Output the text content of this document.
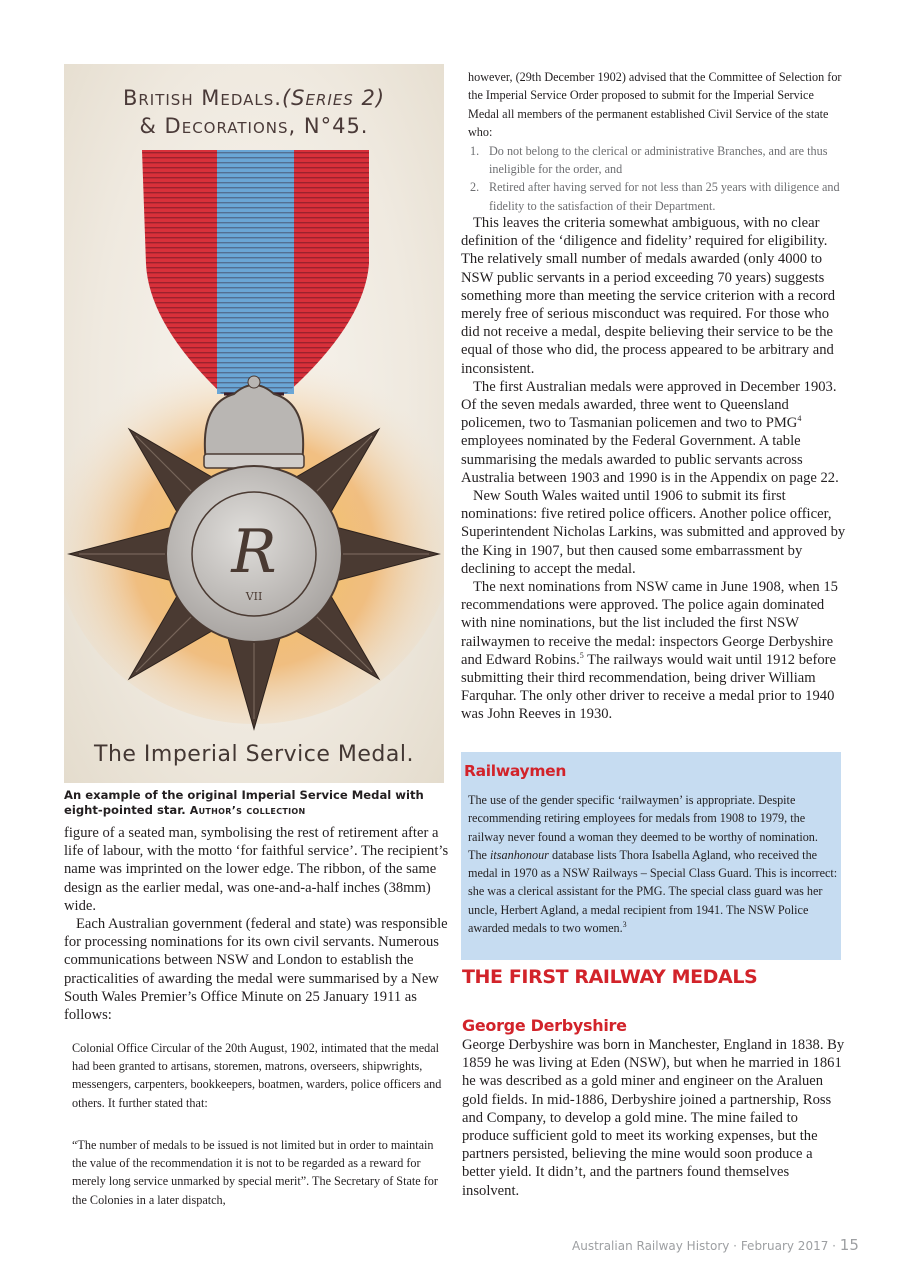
R
VII
British Medals.(Series 2)
& Decorations, N°45.
The Imperial Service Medal.
An example of the original Imperial Service Medal with eight-pointed star. Author’s collection

figure of a seated man, symbolising the rest of retirement after a life of labour, with the motto ‘for faithful service’. The recipient’s name was imprinted on the lower edge. The ribbon, of the same design as the earlier medal, was one-and-a-half inches (38mm) wide.

Each Australian government (federal and state) was responsible for processing nominations for its own civil servants. Numerous communications between NSW and London to establish the practicalities of awarding the medal were summarised by a New South Wales Premier’s Office Minute on 25 January 1911 as follows:

Colonial Office Circular of the 20th August, 1902, intimated that the medal had been granted to artisans, storemen, matrons, overseers, shipwrights, messengers, carpenters, bookkeepers, boatmen, warders, police officers and others. It further stated that:
“The number of medals to be issued is not limited but in order to maintain the value of the recommendation it is not to be regarded as a reward for merely long service unmarked by special merit”. The Secretary of State for the Colonies in a later dispatch,

however, (29th December 1902) advised that the Committee of Selection for the Imperial Service Order proposed to submit for the Imperial Service Medal all members of the permanent established Civil Service of the state who:

1. Do not belong to the clerical or administrative Branches, and are thus ineligible for the order, and
2. Retired after having served for not less than 25 years with diligence and fidelity to the satisfaction of their Department.

This leaves the criteria somewhat ambiguous, with no clear definition of the ‘diligence and fidelity’ required for eligibility. The relatively small number of medals awarded (only 4000 to NSW public servants in a period exceeding 70 years) suggests something more than meeting the service criterion with a record merely free of serious misconduct was required. For those who did not receive a medal, despite believing their service to be the equal of those who did, the process appeared to be arbitrary and inconsistent.

The first Australian medals were approved in December 1903. Of the seven medals awarded, three went to Queensland policemen, two to Tasmanian policemen and two to PMG$^4$ employees nominated by the Federal Government. A table summarising the medals awarded to public servants across Australia between 1903 and 1990 is in the Appendix on page 22.

New South Wales waited until 1906 to submit its first nominations: five retired police officers. Another police officer, Superintendent Nicholas Larkins, was submitted and approved by the King in 1907, but then caused some embarrassment by declining to accept the medal.

The next nominations from NSW came in June 1908, when 15 recommendations were approved. The police again dominated with nine nominations, but the list included the first NSW railwaymen to receive the medal: inspectors George Derbyshire and Edward Robins.$^5$ The railways would wait until 1912 before submitting their third recommendation, being driver William Farquhar. The only other driver to receive a medal prior to 1940 was John Reeves in 1930.

Railwaymen
The use of the gender specific ‘railwaymen’ is appropriate. Despite recommending retiring employees for medals from 1908 to 1979, the railway never found a woman they deemed to be worthy of nomination. The itsanhonour database lists Thora Isabella Agland, who received the medal in 1970 as a NSW Railways – Special Class Guard. This is incorrect: she was a clerical assistant for the PMG. The special class guard was her uncle, Herbert Agland, a medal recipient from 1941. The NSW Police awarded medals to two women.$^3$
THE FIRST RAILWAY MEDALS
George Derbyshire

George Derbyshire was born in Manchester, England in 1838. By 1859 he was living at Eden (NSW), but when he married in 1861 he was described as a gold miner and engineer on the Araluen gold fields. In mid-1886, Derbyshire joined a partnership, Ross and Company, to develop a gold mine. The mine failed to produce sufficient gold to meet its working expenses, but the partners persisted, believing the mine would soon produce a better yield. It didn’t, and the partners found themselves insolvent.

Australian Railway History · February 2017 · 15
